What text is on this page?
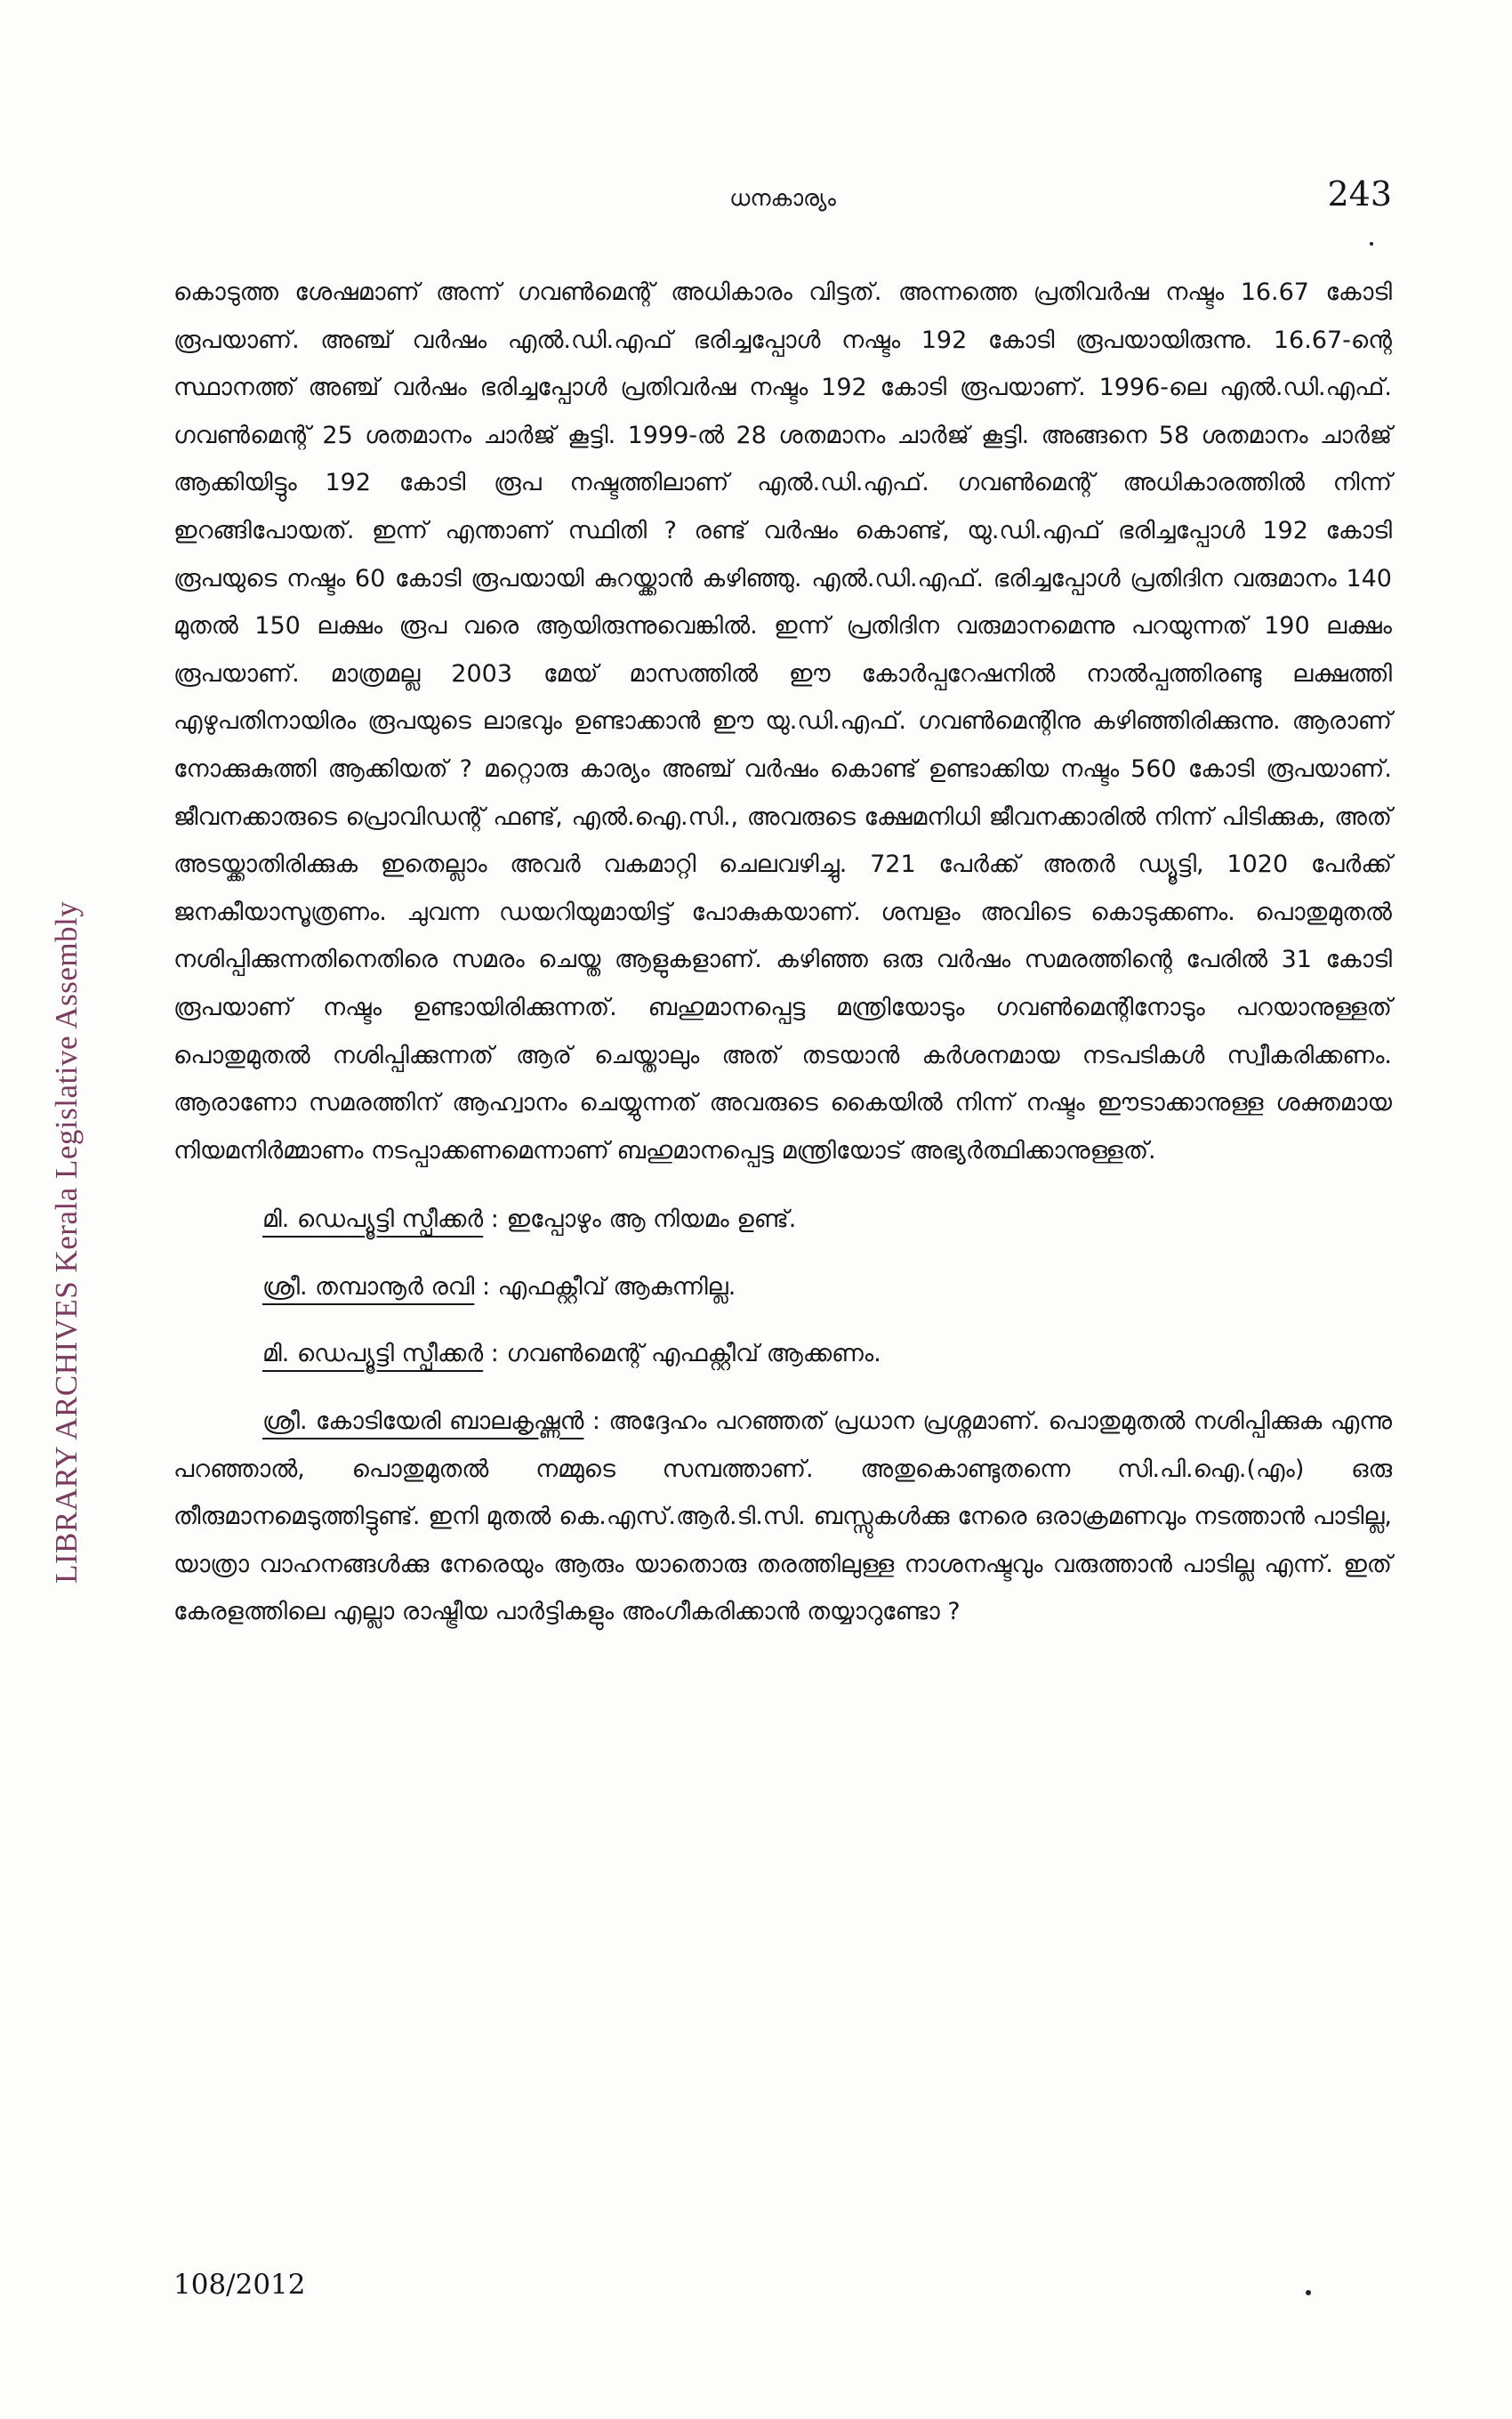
ധനകാര്യം	243
LIBRARY ARCHIVES Kerala Legislative Assembly

കൊടുത്ത ശേഷമാണ് അന്ന് ഗവൺമെന്റ് അധികാരം വിട്ടത്. അന്നത്തെ പ്രതിവർഷ നഷ്ടം 16.67 കോടി രൂപയാണ്. അഞ്ച് വർഷം എൽ.ഡി.എഫ് ഭരിച്ചപ്പോൾ നഷ്ടം 192 കോടി രൂപയായിരുന്നു. 16.67-ന്റെ സ്ഥാനത്ത് അഞ്ച് വർഷം ഭരിച്ചപ്പോൾ പ്രതിവർഷ നഷ്ടം 192 കോടി രൂപയാണ്. 1996-ലെ എൽ.ഡി.എഫ്. ഗവൺമെന്റ് 25 ശതമാനം ചാർജ് കൂട്ടി. 1999-ൽ 28 ശതമാനം ചാർജ് കൂട്ടി. അങ്ങനെ 58 ശതമാനം ചാർജ് ആക്കിയിട്ടും 192 കോടി രൂപ നഷ്ടത്തിലാണ് എൽ.ഡി.എഫ്. ഗവൺമെന്റ് അധികാരത്തിൽ നിന്ന് ഇറങ്ങിപോയത്. ഇന്ന് എന്താണ് സ്ഥിതി ? രണ്ട് വർഷം കൊണ്ട്, യു.ഡി.എഫ് ഭരിച്ചപ്പോൾ 192 കോടി രൂപയുടെ നഷ്ടം 60 കോടി രൂപയായി കുറയ്ക്കാൻ കഴിഞ്ഞു. എൽ.ഡി.എഫ്. ഭരിച്ചപ്പോൾ പ്രതിദിന വരുമാനം 140 മുതൽ 150 ലക്ഷം രൂപ വരെ ആയിരുന്നുവെങ്കിൽ. ഇന്ന് പ്രതിദിന വരുമാനമെന്നു പറയുന്നത് 190 ലക്ഷം രൂപയാണ്. മാത്രമല്ല 2003 മേയ് മാസത്തിൽ ഈ കോർപ്പറേഷനിൽ നാൽപ്പത്തിരണ്ടു ലക്ഷത്തി എഴുപതിനായിരം രൂപയുടെ ലാഭവും ഉണ്ടാക്കാൻ ഈ യു.ഡി.എഫ്. ഗവൺമെന്റിനു കഴിഞ്ഞിരിക്കുന്നു. ആരാണ് നോക്കുകുത്തി ആക്കിയത് ? മറ്റൊരു കാര്യം അഞ്ച് വർഷം കൊണ്ട് ഉണ്ടാക്കിയ നഷ്ടം 560 കോടി രൂപയാണ്. ജീവനക്കാരുടെ പ്രൊവിഡന്റ് ഫണ്ട്, എൽ.ഐ.സി., അവരുടെ ക്ഷേമനിധി ജീവനക്കാരിൽ നിന്ന് പിടിക്കുക, അത് അടയ്ക്കാതിരിക്കുക ഇതെല്ലാം അവർ വകമാറ്റി ചെലവഴിച്ചു. 721 പേർക്ക് അതർ ഡ്യൂട്ടി, 1020 പേർക്ക് ജനകീയാസൂത്രണം. ചുവന്ന ഡയറിയുമായിട്ട് പോകുകയാണ്. ശമ്പളം അവിടെ കൊടുക്കണം. പൊതുമുതൽ നശിപ്പിക്കുന്നതിനെതിരെ സമരം ചെയ്ത ആളുകളാണ്. കഴിഞ്ഞ ഒരു വർഷം സമരത്തിന്റെ പേരിൽ 31 കോടി രൂപയാണ് നഷ്ടം ഉണ്ടായിരിക്കുന്നത്. ബഹുമാനപ്പെട്ട മന്ത്രിയോടും ഗവൺമെന്റിനോടും പറയാനുള്ളത് പൊതുമുതൽ നശിപ്പിക്കുന്നത് ആര് ചെയ്താലും അത് തടയാൻ കർശനമായ നടപടികൾ സ്വീകരിക്കണം. ആരാണോ സമരത്തിന് ആഹ്വാനം ചെയ്യുന്നത് അവരുടെ കൈയിൽ നിന്ന് നഷ്ടം ഈടാക്കാനുള്ള ശക്തമായ നിയമനിർമ്മാണം നടപ്പാക്കണമെന്നാണ് ബഹുമാനപ്പെട്ട മന്ത്രിയോട് അഭ്യർത്ഥിക്കാനുള്ളത്.

മി. ഡെപ്യൂട്ടി സ്പീക്കർ : ഇപ്പോഴും ആ നിയമം ഉണ്ട്.

ശ്രീ. തമ്പാനൂർ രവി : എഫക്റ്റീവ് ആകുന്നില്ല.

മി. ഡെപ്യൂട്ടി സ്പീക്കർ : ഗവൺമെന്റ് എഫക്റ്റീവ് ആക്കണം.

ശ്രീ. കോടിയേരി ബാലകൃഷ്ണൻ : അദ്ദേഹം പറഞ്ഞത് പ്രധാന പ്രശ്നമാണ്. പൊതുമുതൽ നശിപ്പിക്കുക എന്നു പറഞ്ഞാൽ, പൊതുമുതൽ നമ്മുടെ സമ്പത്താണ്. അതുകൊണ്ടുതന്നെ സി.പി.ഐ.(എം) ഒരു തീരുമാനമെടുത്തിട്ടുണ്ട്. ഇനി മുതൽ കെ.എസ്.ആർ.ടി.സി. ബസ്സുകൾക്കു നേരെ ഒരാക്രമണവും നടത്താൻ പാടില്ല, യാത്രാ വാഹനങ്ങൾക്കു നേരെയും ആരും യാതൊരു തരത്തിലുള്ള നാശനഷ്ടവും വരുത്താൻ പാടില്ല എന്ന്. ഇത് കേരളത്തിലെ എല്ലാ രാഷ്ട്രീയ പാർട്ടികളും അംഗീകരിക്കാൻ തയ്യാറുണ്ടോ ?

108/2012
